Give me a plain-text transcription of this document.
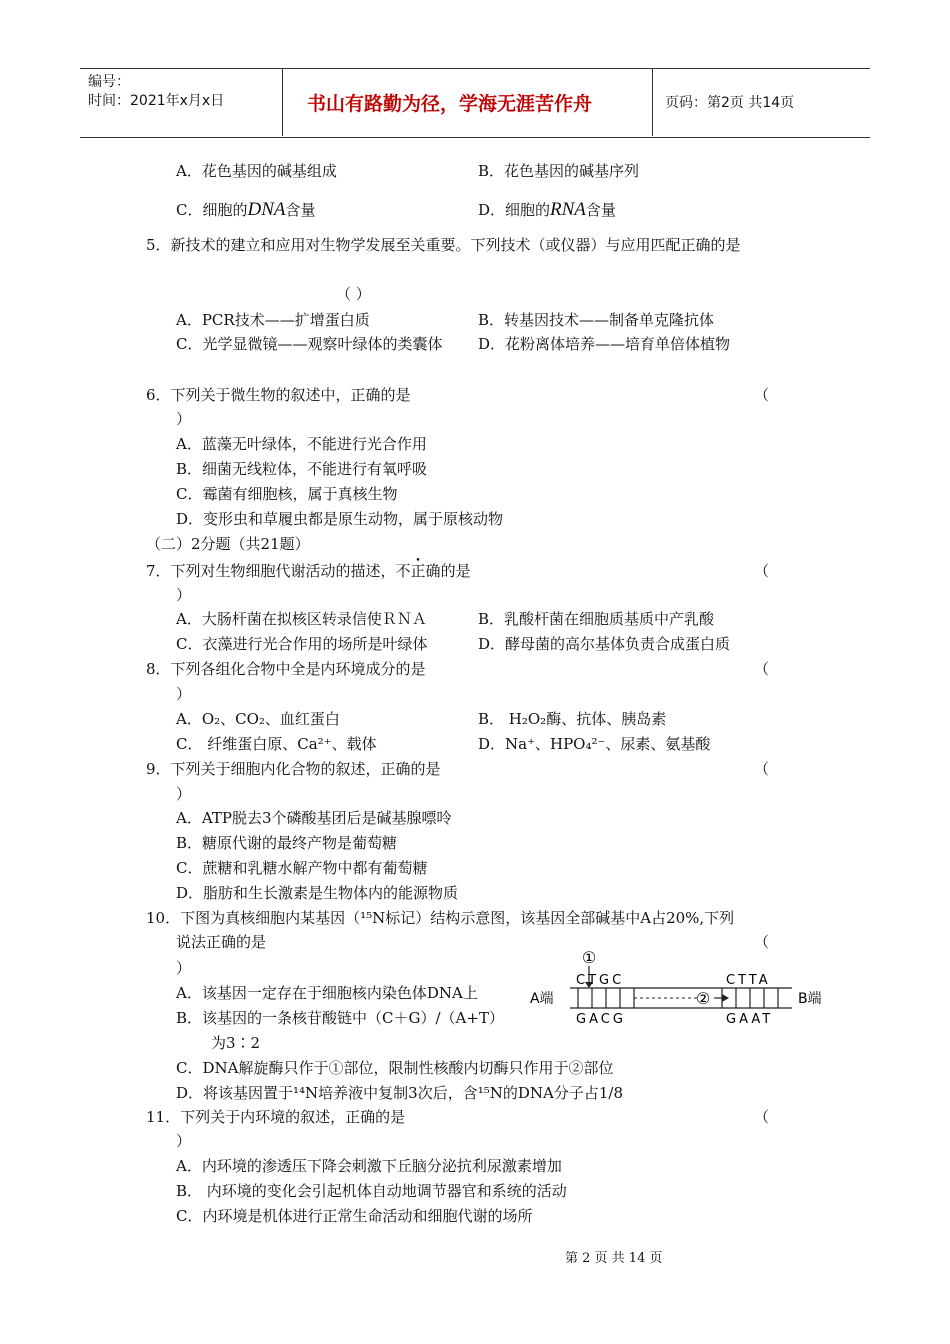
编号：
时间：2021年x月x日	书山有路勤为径，学海无涯苦作舟	页码：第2页 共14页
A．花色基因的碱基组成	B．花色基因的碱基序列
C．细胞的DNA含量	D．细胞的RNA含量
5．新技术的建立和应用对生物学发展至关重要。下列技术（或仪器）与应用匹配正确的是
（ ）
A．PCR技术——扩增蛋白质	B．转基因技术——制备单克隆抗体
C．光学显微镜——观察叶绿体的类囊体 D．花粉离体培养——培育单倍体植物
6．下列关于微生物的叙述中，正确的是	（
）
A．蓝藻无叶绿体，不能进行光合作用
B．细菌无线粒体，不能进行有氧呼吸
C．霉菌有细胞核，属于真核生物
D．变形虫和草履虫都是原生动物，属于原核动物
（二）2分题（共21题）
7．下列对生物细胞代谢活动的描述，不正确的是	（
）
A．大肠杆菌在拟核区转录信使ＲＮＡ	B．乳酸杆菌在细胞质基质中产乳酸
C．衣藻进行光合作用的场所是叶绿体	D．酵母菌的高尔基体负责合成蛋白质
8．下列各组化合物中全是内环境成分的是	（
）
A．O₂、CO₂、血红蛋白	B． H₂O₂酶、抗体、胰岛素
C． 纤维蛋白原、Ca²⁺、载体	D．Na⁺、HPO₄²⁻、尿素、氨基酸
9．下列关于细胞内化合物的叙述，正确的是	（
）
A．ATP脱去3个磷酸基团后是碱基腺嘌呤
B．糖原代谢的最终产物是葡萄糖
C．蔗糖和乳糖水解产物中都有葡萄糖
D．脂肪和生长激素是生物体内的能源物质
10．下图为真核细胞内某基因（¹⁵N标记）结构示意图，该基因全部碱基中A占20%,下列
说法正确的是	（
）
A．该基因一定存在于细胞核内染色体DNA上
B．该基因的一条核苷酸链中（C＋G）/（A+T）
为3∶2
C．DNA解旋酶只作于①部位，限制性核酸内切酶只作用于②部位
D．将该基因置于¹⁴N培养液中复制3次后，含¹⁵N的DNA分子占1/8
①
②
A端	B端
CTGC	CTTA
GACG	GAAT
11．下列关于内环境的叙述，正确的是	（
）
A．内环境的渗透压下降会刺激下丘脑分泌抗利尿激素增加
B． 内环境的变化会引起机体自动地调节器官和系统的活动
C．内环境是机体进行正常生命活动和细胞代谢的场所
第 2 页 共 14 页
